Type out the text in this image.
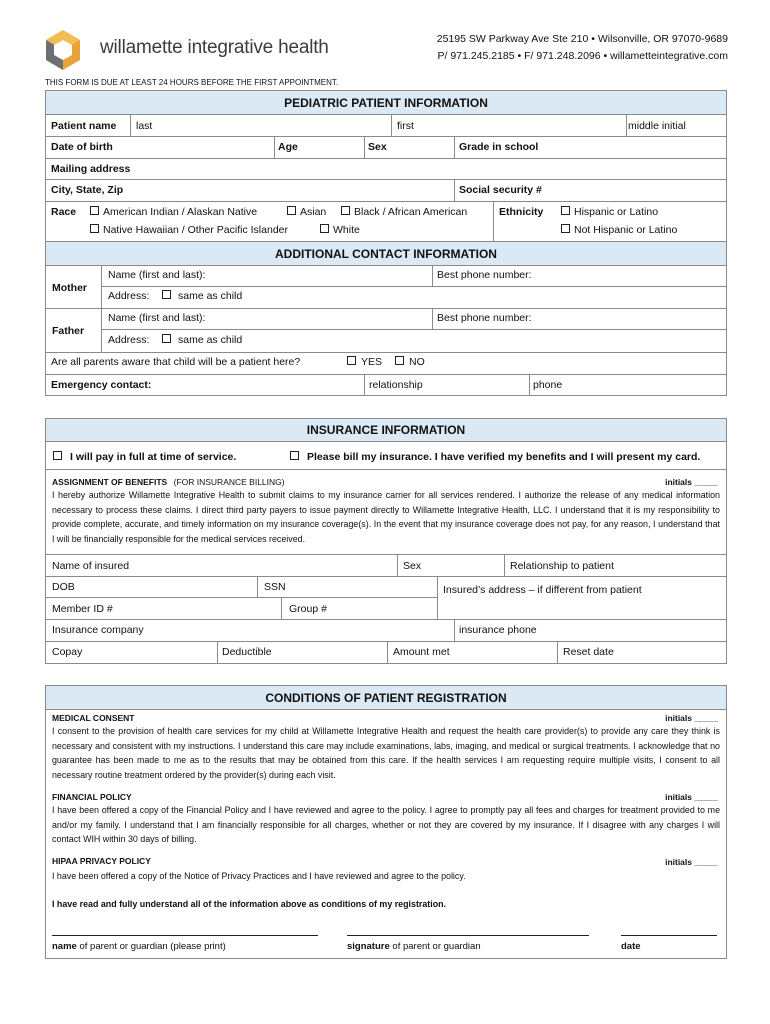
willamette integrative health	25195 SW Parkway Ave Ste 210 • Wilsonville, OR 97070-9689
P/ 971.245.2185 • F/ 971.248.2096 • willametteintegrative.com
THIS FORM IS DUE AT LEAST 24 HOURS BEFORE THE FIRST APPOINTMENT.
PEDIATRIC PATIENT INFORMATION
Patient name last	first	middle initial
Date of birth	Age	Sex	Grade in school
Mailing address
City, State, Zip	Social security #
Race	American Indian / Alaskan Native	Asian	Black / African American
Native Hawaiian / Other Pacific Islander	White
Ethnicity	Hispanic or Latino
Not Hispanic or Latino
ADDITIONAL CONTACT INFORMATION
Mother
Name (first and last):	Best phone number:
Address:	same as child
Father
Name (first and last):	Best phone number:
Address:	same as child
Are all parents aware that child will be a patient here?	YES	NO
Emergency contact:	relationship	phone
INSURANCE INFORMATION
I will pay in full at time of service.	Please bill my insurance. I have verified my benefits and I will present my card.
ASSIGNMENT OF BENEFITS (FOR INSURANCE BILLING)	initials _____
I hereby authorize Willamette Integrative Health to submit claims to my insurance carrier for all services rendered. I authorize the release of any medical information necessary to process these claims. I direct third party payers to issue payment directly to Willamette Integrative Health, LLC. I understand that it is my responsibility to provide complete, accurate, and timely information on my insurance coverage(s). In the event that my insurance coverage does not pay, for any reason, I understand that I will be financially responsible for the medical services received.
Name of insured	Sex	Relationship to patient
DOB	SSN	Insured’s address – if different from patient
Member ID #	Group #
Insurance company	insurance phone
Copay	Deductible	Amount met	Reset date
CONDITIONS OF PATIENT REGISTRATION
MEDICAL CONSENT	initials _____
I consent to the provision of health care services for my child at Willamette Integrative Health and request the health care provider(s) to provide any care they think is necessary and consistent with my instructions. I understand this care may include examinations, labs, imaging, and medical or surgical treatments. I acknowledge that no guarantee has been made to me as to the results that may be obtained from this care. If the health services I am requesting require multiple visits, I consent to all necessary routine treatment ordered by the provider(s) during each visit.
FINANCIAL POLICY	initials _____
I have been offered a copy of the Financial Policy and I have reviewed and agree to the policy. I agree to promptly pay all fees and charges for treatment provided to me and/or my family. I understand that I am financially responsible for all charges, whether or not they are covered by my insurance. If I disagree with any charges I will contact WIH within 30 days of billing.
HIPAA PRIVACY POLICY	initials _____
I have been offered a copy of the Notice of Privacy Practices and I have reviewed and agree to the policy.
I have read and fully understand all of the information above as conditions of my registration.
name of parent or guardian (please print)	signature of parent or guardian	date
